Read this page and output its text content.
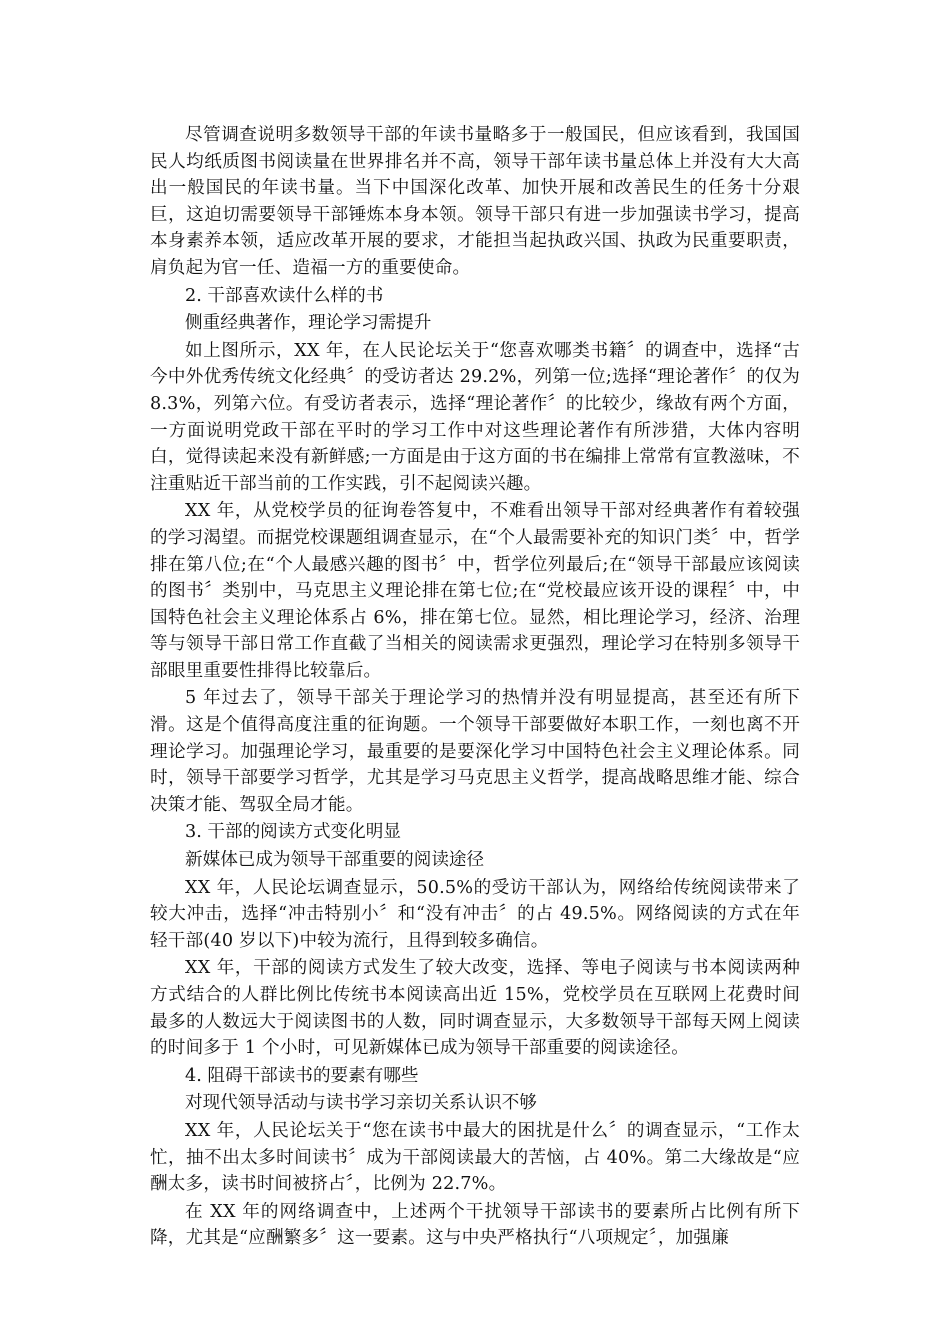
尽管调查说明多数领导干部的年读书量略多于一般国民，但应该看到，我国国民人均纸质图书阅读量在世界排名并不高，领导干部年读书量总体上并没有大大高出一般国民的年读书量。当下中国深化改革、加快开展和改善民生的任务十分艰巨，这迫切需要领导干部锤炼本身本领。领导干部只有进一步加强读书学习，提高本身素养本领，适应改革开展的要求，才能担当起执政兴国、执政为民重要职责，肩负起为官一任、造福一方的重要使命。

2. 干部喜欢读什么样的书

侧重经典著作，理论学习需提升

如上图所示，XX 年，在人民论坛关于“您喜欢哪类书籍〞的调查中，选择“古今中外优秀传统文化经典〞的受访者达 29.2%，列第一位;选择“理论著作〞的仅为 8.3%，列第六位。有受访者表示，选择“理论著作〞的比较少，缘故有两个方面，一方面说明党政干部在平时的学习工作中对这些理论著作有所涉猎，大体内容明白，觉得读起来没有新鲜感;一方面是由于这方面的书在编排上常常有宣教滋味，不注重贴近干部当前的工作实践，引不起阅读兴趣。

XX 年，从党校学员的征询卷答复中，不难看出领导干部对经典著作有着较强的学习渴望。而据党校课题组调查显示，在“个人最需要补充的知识门类〞中，哲学排在第八位;在“个人最感兴趣的图书〞中，哲学位列最后;在“领导干部最应该阅读的图书〞类别中，马克思主义理论排在第七位;在“党校最应该开设的课程〞中，中国特色社会主义理论体系占 6%，排在第七位。显然，相比理论学习，经济、治理等与领导干部日常工作直截了当相关的阅读需求更强烈，理论学习在特别多领导干部眼里重要性排得比较靠后。

5 年过去了，领导干部关于理论学习的热情并没有明显提高，甚至还有所下滑。这是个值得高度注重的征询题。一个领导干部要做好本职工作，一刻也离不开理论学习。加强理论学习，最重要的是要深化学习中国特色社会主义理论体系。同时，领导干部要学习哲学，尤其是学习马克思主义哲学，提高战略思维才能、综合决策才能、驾驭全局才能。

3. 干部的阅读方式变化明显

新媒体已成为领导干部重要的阅读途径

XX 年，人民论坛调查显示，50.5%的受访干部认为，网络给传统阅读带来了较大冲击，选择“冲击特别小〞和“没有冲击〞的占 49.5%。网络阅读的方式在年轻干部(40 岁以下)中较为流行，且得到较多确信。

XX 年，干部的阅读方式发生了较大改变，选择、等电子阅读与书本阅读两种方式结合的人群比例比传统书本阅读高出近 15%，党校学员在互联网上花费时间最多的人数远大于阅读图书的人数，同时调查显示，大多数领导干部每天网上阅读的时间多于 1 个小时，可见新媒体已成为领导干部重要的阅读途径。

4. 阻碍干部读书的要素有哪些

对现代领导活动与读书学习亲切关系认识不够

XX 年，人民论坛关于“您在读书中最大的困扰是什么〞的调查显示，“工作太忙，抽不出太多时间读书〞成为干部阅读最大的苦恼，占 40%。第二大缘故是“应酬太多，读书时间被挤占〞，比例为 22.7%。

在 XX 年的网络调查中，上述两个干扰领导干部读书的要素所占比例有所下降，尤其是“应酬繁多〞这一要素。这与中央严格执行“八项规定〞，加强廉
